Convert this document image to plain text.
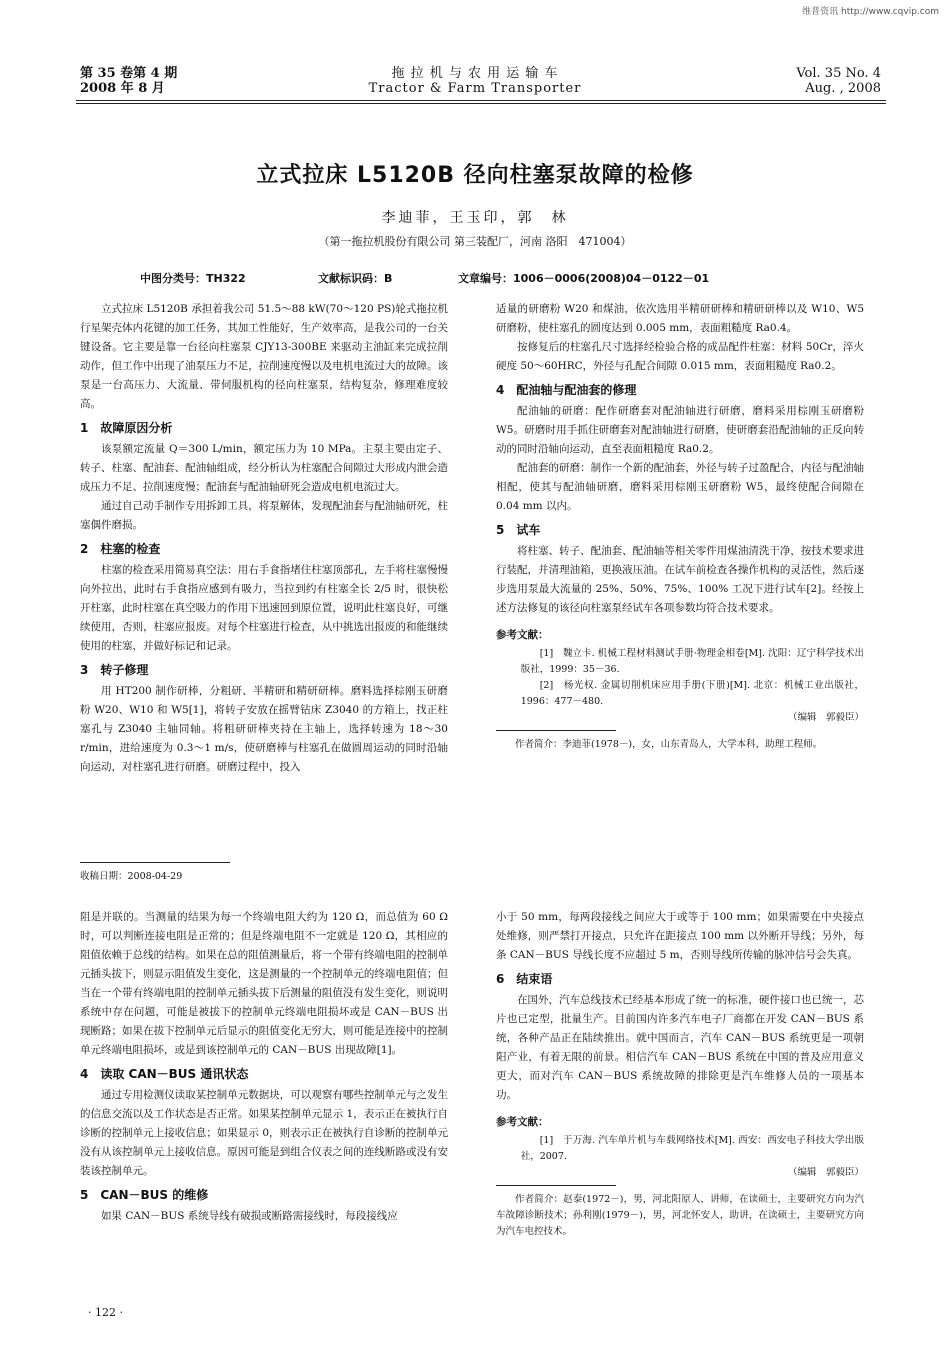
维普资讯 http://www.cqvip.com
第 35 卷第 4 期
2008 年 8 月
拖 拉 机 与 农 用 运 输 车
Tractor & Farm Transporter
Vol. 35 No. 4
Aug. , 2008
立式拉床 L5120B 径向柱塞泵故障的检修
李迪菲，王玉印，郭　林
（第一拖拉机股份有限公司 第三装配厂，河南 洛阳　471004）
中图分类号：TH322	文献标识码：B	文章编号：1006－0006(2008)04－0122－01

立式拉床 L5120B 承担着我公司 51.5～88 kW(70～120 PS)轮式拖拉机行星架壳体内花键的加工任务，其加工性能好，生产效率高，是我公司的一台关键设备。它主要是靠一台径向柱塞泵 CJY13-300BE 来驱动主油缸来完成拉削动作，但工作中出现了油泵压力不足，拉削速度慢以及电机电流过大的故障。该泵是一台高压力、大流量、带伺服机构的径向柱塞泵，结构复杂，修理难度较高。

1　故障原因分析

该泵额定流量 Q＝300 L/min，额定压力为 10 MPa。主泵主要由定子、转子、柱塞、配油套、配油轴组成，经分析认为柱塞配合间隙过大形成内泄会造成压力不足、拉削速度慢；配油套与配油轴研死会造成电机电流过大。

通过自己动手制作专用拆卸工具，将泵解体，发现配油套与配油轴研死，柱塞偶件磨损。

2　柱塞的检查

柱塞的检查采用简易真空法：用右手食指堵住柱塞顶部孔，左手将柱塞慢慢向外拉出，此时右手食指应感到有吸力，当拉到约有柱塞全长 2/5 时，很快松开柱塞，此时柱塞在真空吸力的作用下迅速回到原位置，说明此柱塞良好，可继续使用，否则，柱塞应报废。对每个柱塞进行检查，从中挑选出报废的和能继续使用的柱塞，并做好标记和记录。

3　转子修理

用 HT200 制作研棒，分粗研、半精研和精研研棒。磨料选择棕刚玉研磨粉 W20、W10 和 W5[1]，将转子安放在摇臂钻床 Z3040 的方箱上，找正柱塞孔与 Z3040 主轴同轴。将粗研研棒夹持在主轴上，选择转速为 18～30 r/min，进给速度为 0.3～1 m/s，使研磨棒与柱塞孔在做圆周运动的同时沿轴向运动，对柱塞孔进行研磨。研磨过程中，投入

收稿日期：2008-04-29

适量的研磨粉 W20 和煤油，依次选用半精研研棒和精研研棒以及 W10、W5 研磨粉，使柱塞孔的圆度达到 0.005 mm，表面粗糙度 Ra0.4。

按修复后的柱塞孔尺寸选择经检验合格的成品配件柱塞：材料 50Cr，淬火硬度 50～60HRC，外径与孔配合间隙 0.015 mm，表面粗糙度 Ra0.2。

4　配油轴与配油套的修理

配油轴的研磨：配作研磨套对配油轴进行研磨，磨料采用棕刚玉研磨粉 W5。研磨时用手抓住研磨套对配油轴进行研磨，使研磨套沿配油轴的正反向转动的同时沿轴向运动，直至表面粗糙度 Ra0.2。

配油套的研磨：制作一个新的配油套，外径与转子过盈配合，内径与配油轴相配，使其与配油轴研磨，磨料采用棕刚玉研磨粉 W5，最终使配合间隙在 0.04 mm 以内。

5　试车

将柱塞、转子、配油套、配油轴等相关零件用煤油清洗干净，按技术要求进行装配，并清理油箱，更换液压油。在试车前检查各操作机构的灵活性，然后逐步选用泵最大流量的 25%、50%、75%、100% 工况下进行试车[2]。经按上述方法修复的该径向柱塞泵经试车各项参数均符合技术要求。

参考文献：

[1]　魏立卡. 机械工程材料测试手册·物理金相卷[M]. 沈阳：辽宁科学技术出版社，1999：35－36.

[2]　杨光权. 金属切削机床应用手册(下册)[M]. 北京：机械工业出版社，1996：477－480.

（编辑　郭毅臣）

作者简介：李迪菲(1978－)，女，山东青岛人，大学本科，助理工程师。

阻是并联的。当测量的结果为每一个终端电阻大约为 120 Ω，而总值为 60 Ω 时，可以判断连接电阻是正常的；但是终端电阻不一定就是 120 Ω，其相应的阻值依赖于总线的结构。如果在总的阻值测量后，将一个带有终端电阻的控制单元插头拔下，则显示阻值发生变化，这是测量的一个控制单元的终端电阻值；但当在一个带有终端电阻的控制单元插头拔下后测量的阻值没有发生变化，则说明系统中存在问题，可能是被拔下的控制单元终端电阻损坏或是 CAN－BUS 出现断路；如果在拔下控制单元后显示的阻值变化无穷大，则可能是连接中的控制单元终端电阻损坏，或是到该控制单元的 CAN－BUS 出现故障[1]。

4　读取 CAN－BUS 通讯状态

通过专用检测仪读取某控制单元数据块，可以观察有哪些控制单元与之发生的信息交流以及工作状态是否正常。如果某控制单元显示 1，表示正在被执行自诊断的控制单元上接收信息；如果显示 0，则表示正在被执行自诊断的控制单元没有从该控制单元上接收信息。原因可能是到组合仪表之间的连线断路或没有安装该控制单元。

5　CAN－BUS 的维修

如果 CAN－BUS 系统导线有破损或断路需接线时，每段接线应

小于 50 mm，每两段接线之间应大于或等于 100 mm；如果需要在中央接点处维修，则严禁打开接点，只允许在距接点 100 mm 以外断开导线；另外，每条 CAN－BUS 导线长度不应超过 5 m，否则导线所传输的脉冲信号会失真。

6　结束语

在国外，汽车总线技术已经基本形成了统一的标准，硬件接口也已统一，芯片也已定型，批量生产。目前国内许多汽车电子厂商都在开发 CAN－BUS 系统，各种产品正在陆续推出。就中国而言，汽车 CAN－BUS 系统更是一项朝阳产业，有着无限的前景。相信汽车 CAN－BUS 系统在中国的普及应用意义更大，而对汽车 CAN－BUS 系统故障的排除更是汽车维修人员的一项基本功。

参考文献：

[1]　于万海. 汽车单片机与车载网络技术[M]. 西安：西安电子科技大学出版社，2007.

（编辑　郭毅臣）

作者简介：赵泰(1972－)，男，河北阳原人，讲师，在读硕士，主要研究方向为汽车故障诊断技术；孙利刚(1979－)，男，河北怀安人，助讲，在读硕士，主要研究方向为汽车电控技术。

· 122 ·
